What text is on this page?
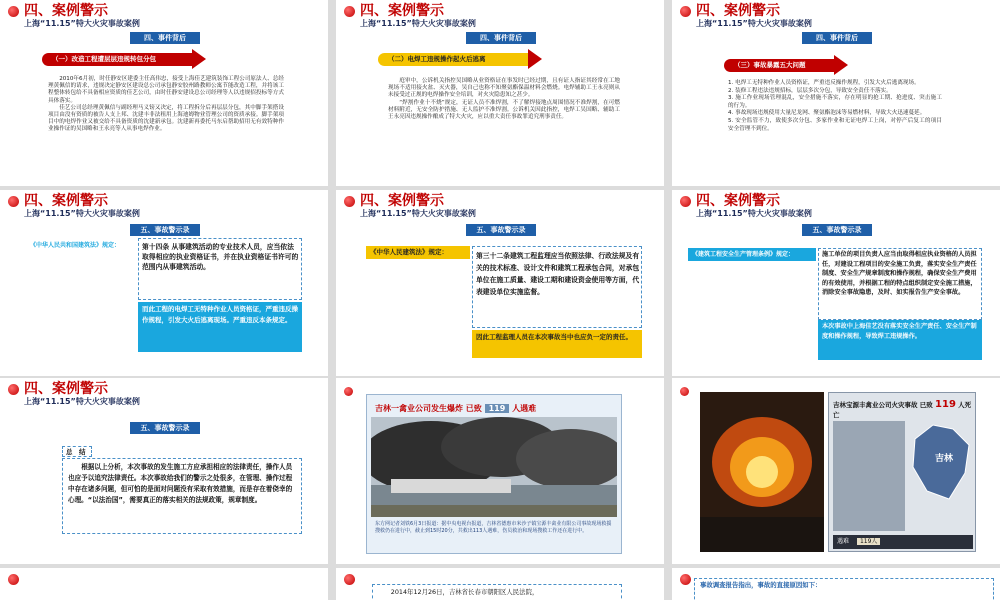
四、案例警示
上海“11.15”特大火灾事故案例
四、事件背后
（一）改造工程遭层层违规转包分包

2010年6月初，时任静安区建委主任高伟忠，接受上海佳艺建筑装饰工程公司原法人、总经理黄佩信的请求，违规决定静安区建设总公司承包静安胶州路教师公寓节能改造工程，并将该工程整体转包给不具备相应资质的佳艺公司，由时任静安建设总公司经理等人以违规招投标等方式具体落实。

佳艺公司总经理黄佩信与副经理马义镑又决定，将工程拆分后再层层分包，其中脚手架搭设项目由没有资质的被告人支上邦、沈建丰非法租用上海迪姆物业管理公司的资质承接。脚手架项目中的电焊作业又被交给不具备资质的沈建新承包。沈建新再委托马东启帮助招用无有效特种作业操作证的吴国略和王永亮等人从事电焊作业。

四、案例警示
上海“11.15”特大火灾事故案例
四、事件背后
（二）电焊工违规操作起火后逃离

庭审中，公诉机关指控吴国略从业资格证在事发时已经过期，且有证人指证其经常在工地现场不适用接火盆、灭火器，吴自己也称不知聚氨酯保温材料会燃烧。电焊辅助工王永亮则从未接受过正规的电焊操作安全培训，对火灾隐患知之甚少。

“焊割作业十不烧”规定，无证人员不准焊割，不了解焊接地点周围情况不准焊割，在可燃材料附近，无安全防护措施、无人监护不准焊割。公诉机关因此指控，电焊工吴国略、辅助工王永亮因违规操作酿成了特大火灾，应以重大责任事故罪追究刑事责任。

四、案例警示
上海“11.15”特大火灾事故案例
四、事件背后
（三）事故暴露五大问题
1. 电焊工无特种作业人员资格证，严重违反操作规程，引发大火后逃离现场。
2. 装修工程违法违规招标，层层多次分包，导致安全责任不落实。
3. 施工作业现场管理混乱，安全措施不落实，存在明显的抢工期、抢进度、突击施工的行为。
4. 事故现场违规使用大量尼龙网、聚氨酯泡沫等易燃材料，导致大火迅速蔓延。
5. 安全监管不力，致使多次分包、多家作业和无证电焊工上岗，对停产后复工的项目安全管理不到位。
四、案例警示
上海“11.15”特大火灾事故案例
五、事故警示录
《中华人民共和国建筑法》规定：	第十四条 从事建筑活动的专业技术人员，应当依法取得相应的执业资格证书，并在执业资格证书许可的范围内从事建筑活动。
而此工程的电焊工无特种作业人员资格证，严重违反操作规程，引发大火后逃离现场。严重违反本条规定。
四、案例警示
上海“11.15”特大火灾事故案例
五、事故警示录
《中华人民建筑法》规定：	第三十二条建筑工程监理应当依照法律、行政法规及有关的技术标准、设计文件和建筑工程承包合同，对承包单位在施工质量、建设工期和建设资金使用等方面，代表建设单位实施监督。
因此工程监理人员在本次事故当中也应负一定的责任。
四、案例警示
上海“11.15”特大火灾事故案例
五、事故警示录
《建筑工程安全生产管理条例》规定：	施工单位的项目负责人应当由取得相应执业资格的人员担任，对建设工程项目的安全施工负责，落实安全生产责任制度、安全生产规章制度和操作规程，确保安全生产费用的有效使用，并根据工程的特点组织制定安全施工措施，消除安全事故隐患，及时、如实报告生产安全事故。
本次事故中上海佳艺没有落实安全生产责任、安全生产制度和操作规程，导致焊工违规操作。
四、案例警示
上海“11.15”特大火灾事故案例
五、事故警示录
总　结
根据以上分析，本次事故的发生施工方应承担相应的法律责任，操作人员也应予以追究法律责任。本次事故给我们的警示之处很多，在管理、操作过程中存在诸多问题，但可怕的是面对问题没有采取有效措施，而是存在着侥幸的心理。“以法治国”，需要真正的落实相关的法规政策，规章制度。
吉林一禽业公司发生爆炸 已致 119 人遇难
东方网记者刘铁6月3日报道：据中央电视台报道，吉林省德惠市米沙子镇宝源丰禽业有限公司事故现场救援搜救仍在进行中，截止到15时20分，共救出113人遇难，伤员救治和现场搜救工作还在进行中。
吉林宝源丰禽业公司火灾事故 已致 119 人死亡
吉林
遇难 119人
2014年12月26日，吉林省长春市朝阳区人民法院，
事故调查报告指出，事故的直接原因如下：
